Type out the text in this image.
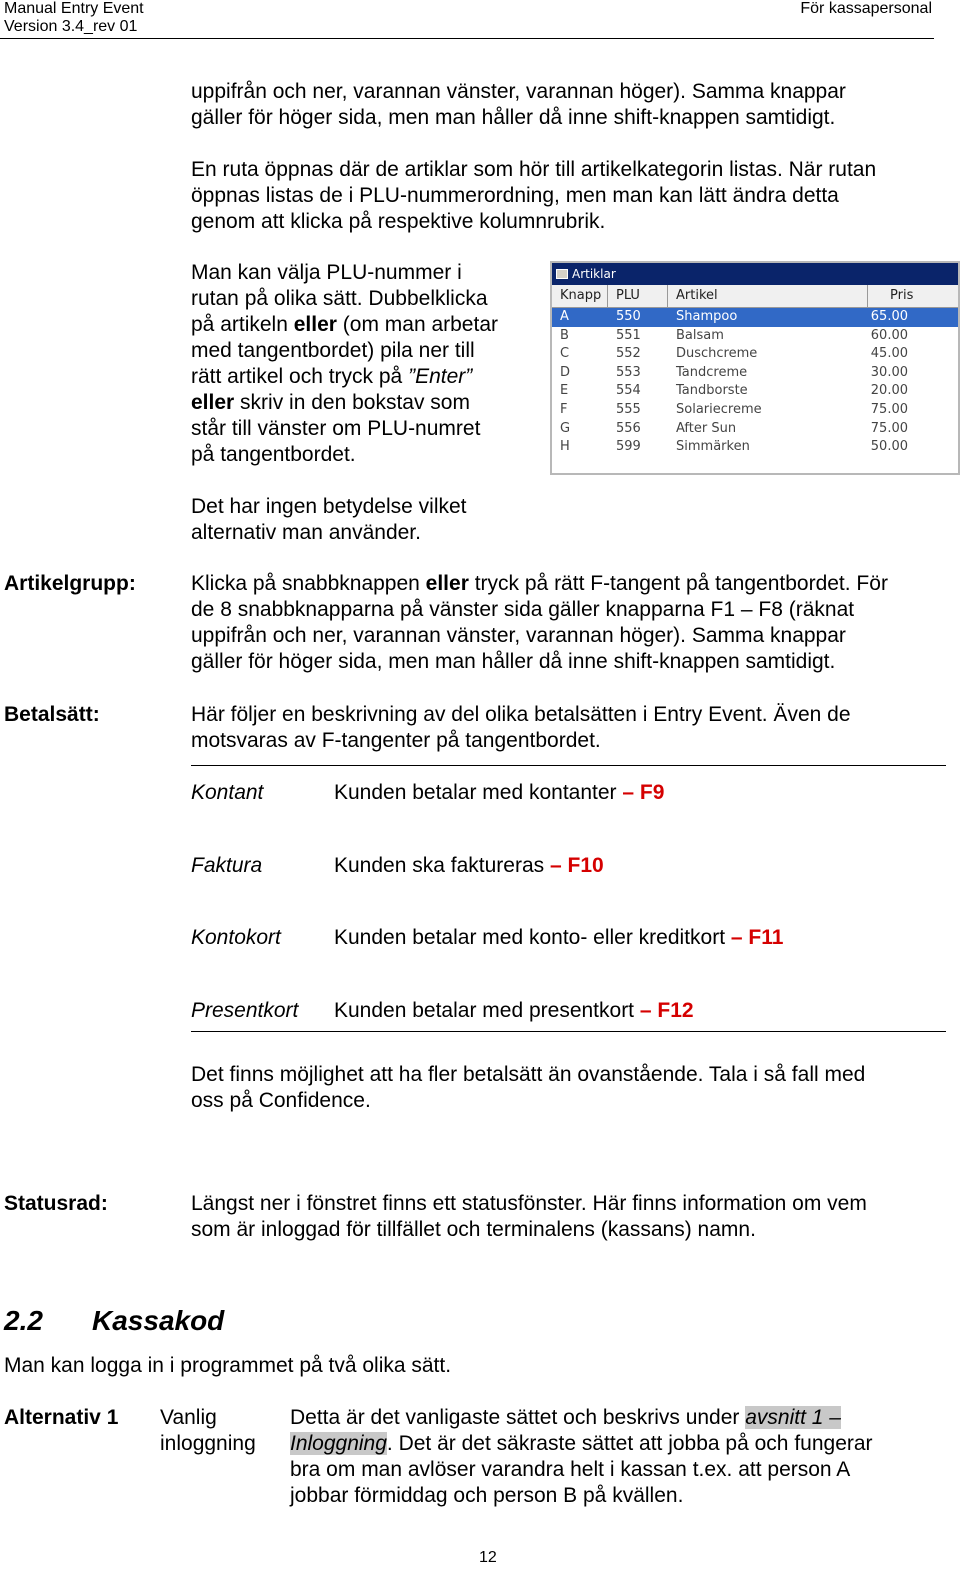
Manual Entry Event
Version 3.4_rev 01
För kassapersonal
uppifrån och ner, varannan vänster, varannan höger). Samma knappar
gäller för höger sida, men man håller då inne shift-knappen samtidigt.
En ruta öppnas där de artiklar som hör till artikelkategorin listas. När rutan
öppnas listas de i PLU-nummerordning, men man kan lätt ändra detta
genom att klicka på respektive kolumnrubrik.
Man kan välja PLU-nummer i
rutan på olika sätt. Dubbelklicka
på artikeln eller (om man arbetar
med tangentbordet) pila ner till
rätt artikel och tryck på ”Enter”
eller skriv in den bokstav som
står till vänster om PLU-numret
på tangentbordet.
Det har ingen betydelse vilket
alternativ man använder.
Artiklar
Knapp	PLU	Artikel	Pris
A	550	Shampoo	65.00
B	551	Balsam	60.00
C	552	Duschcreme	45.00
D	553	Tandcreme	30.00
E	554	Tandborste	20.00
F	555	Solariecreme	75.00
G	556	After Sun	75.00
H	599	Simmärken	50.00
Artikelgrupp:	Klicka på snabbknappen eller tryck på rätt F-tangent på tangentbordet. För
de 8 snabbknapparna på vänster sida gäller knapparna F1 – F8 (räknat
uppifrån och ner, varannan vänster, varannan höger). Samma knappar
gäller för höger sida, men man håller då inne shift-knappen samtidigt.
Betalsätt:	Här följer en beskrivning av del olika betalsätten i Entry Event. Även de
motsvaras av F-tangenter på tangentbordet.
Kontant	Kunden betalar med kontanter – F9
Faktura	Kunden ska faktureras – F10
Kontokort	Kunden betalar med konto- eller kreditkort – F11
Presentkort	Kunden betalar med presentkort – F12
Det finns möjlighet att ha fler betalsätt än ovanstående. Tala i så fall med
oss på Confidence.
Statusrad:	Längst ner i fönstret finns ett statusfönster. Här finns information om vem
som är inloggad för tillfället och terminalens (kassans) namn.
2.2 Kassakod
Man kan logga in i programmet på två olika sätt.
Alternativ 1 Vanlig
inloggning
Detta är det vanligaste sättet och beskrivs under avsnitt 1 –
Inloggning. Det är det säkraste sättet att jobba på och fungerar
bra om man avlöser varandra helt i kassan t.ex. att person A
jobbar förmiddag och person B på kvällen.
12
